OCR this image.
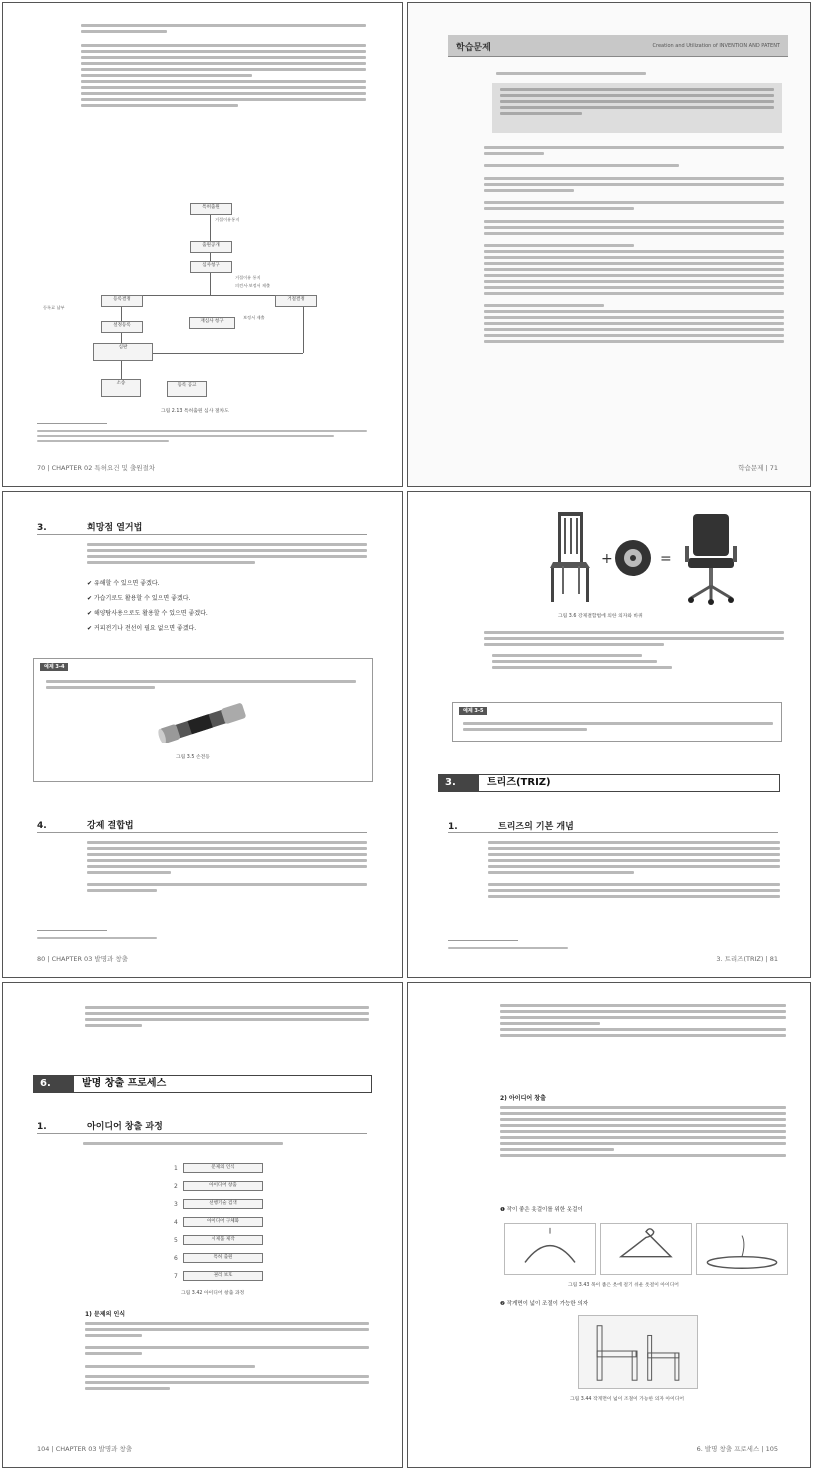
특허출원
거절이유통지
출원공개
심사청구
거절이유 통지
의견서·보정서 제출
등록결정	거절결정
등록료 납부
설정등록
재심사 청구
보정서 제출
심판
소송	등록 공고
그림 2.13 특허출원 심사 절차도
70 | CHAPTER 02 특허요건 및 출원절차
학습문제	Creation and Utilization of INVENTION AND PATENT
학습문제 | 71
3.	희망점 열거법
✔ 유해할 수 있으면 좋겠다.
✔ 가습기로도 활용할 수 있으면 좋겠다.
✔ 해양탐사용으로도 활용할 수 있으면 좋겠다.
✔ 커피전기나 전선이 필요 없으면 좋겠다.
예제 3-4
그림 3.5 손전등
4.	강제 결합법
80 | CHAPTER 03 발명과 창출
+	=
그림 3.6 강제결합법에 의한 의자와 바퀴
예제 3-5
3.	트리즈(TRIZ)
1.	트리즈의 기본 개념
3. 트리즈(TRIZ) | 81
6.	발명 창출 프로세스
1.	아이디어 창출 과정
1	문제의 인식
2	아이디어 창출
3	선행기술 검색
4	아이디어 구체화
5	시제품 제작
6	특허 출원
7	권리 보호
그림 3.42 아이디어 창출 과정
1) 문제의 인식
104 | CHAPTER 03 발명과 창출
2) 아이디어 창출
❶ 작이 좋은 옷걸이를 위한 옷걸이
그림 3.43 목이 좁은 옷에 걸기 쉬운 옷걸이 아이디어
❷ 작게면이 넓이 조절이 가능한 의자
그림 3.44 작게면이 넓이 조절이 가능한 의자 아이디어
6. 발명 창출 프로세스 | 105
